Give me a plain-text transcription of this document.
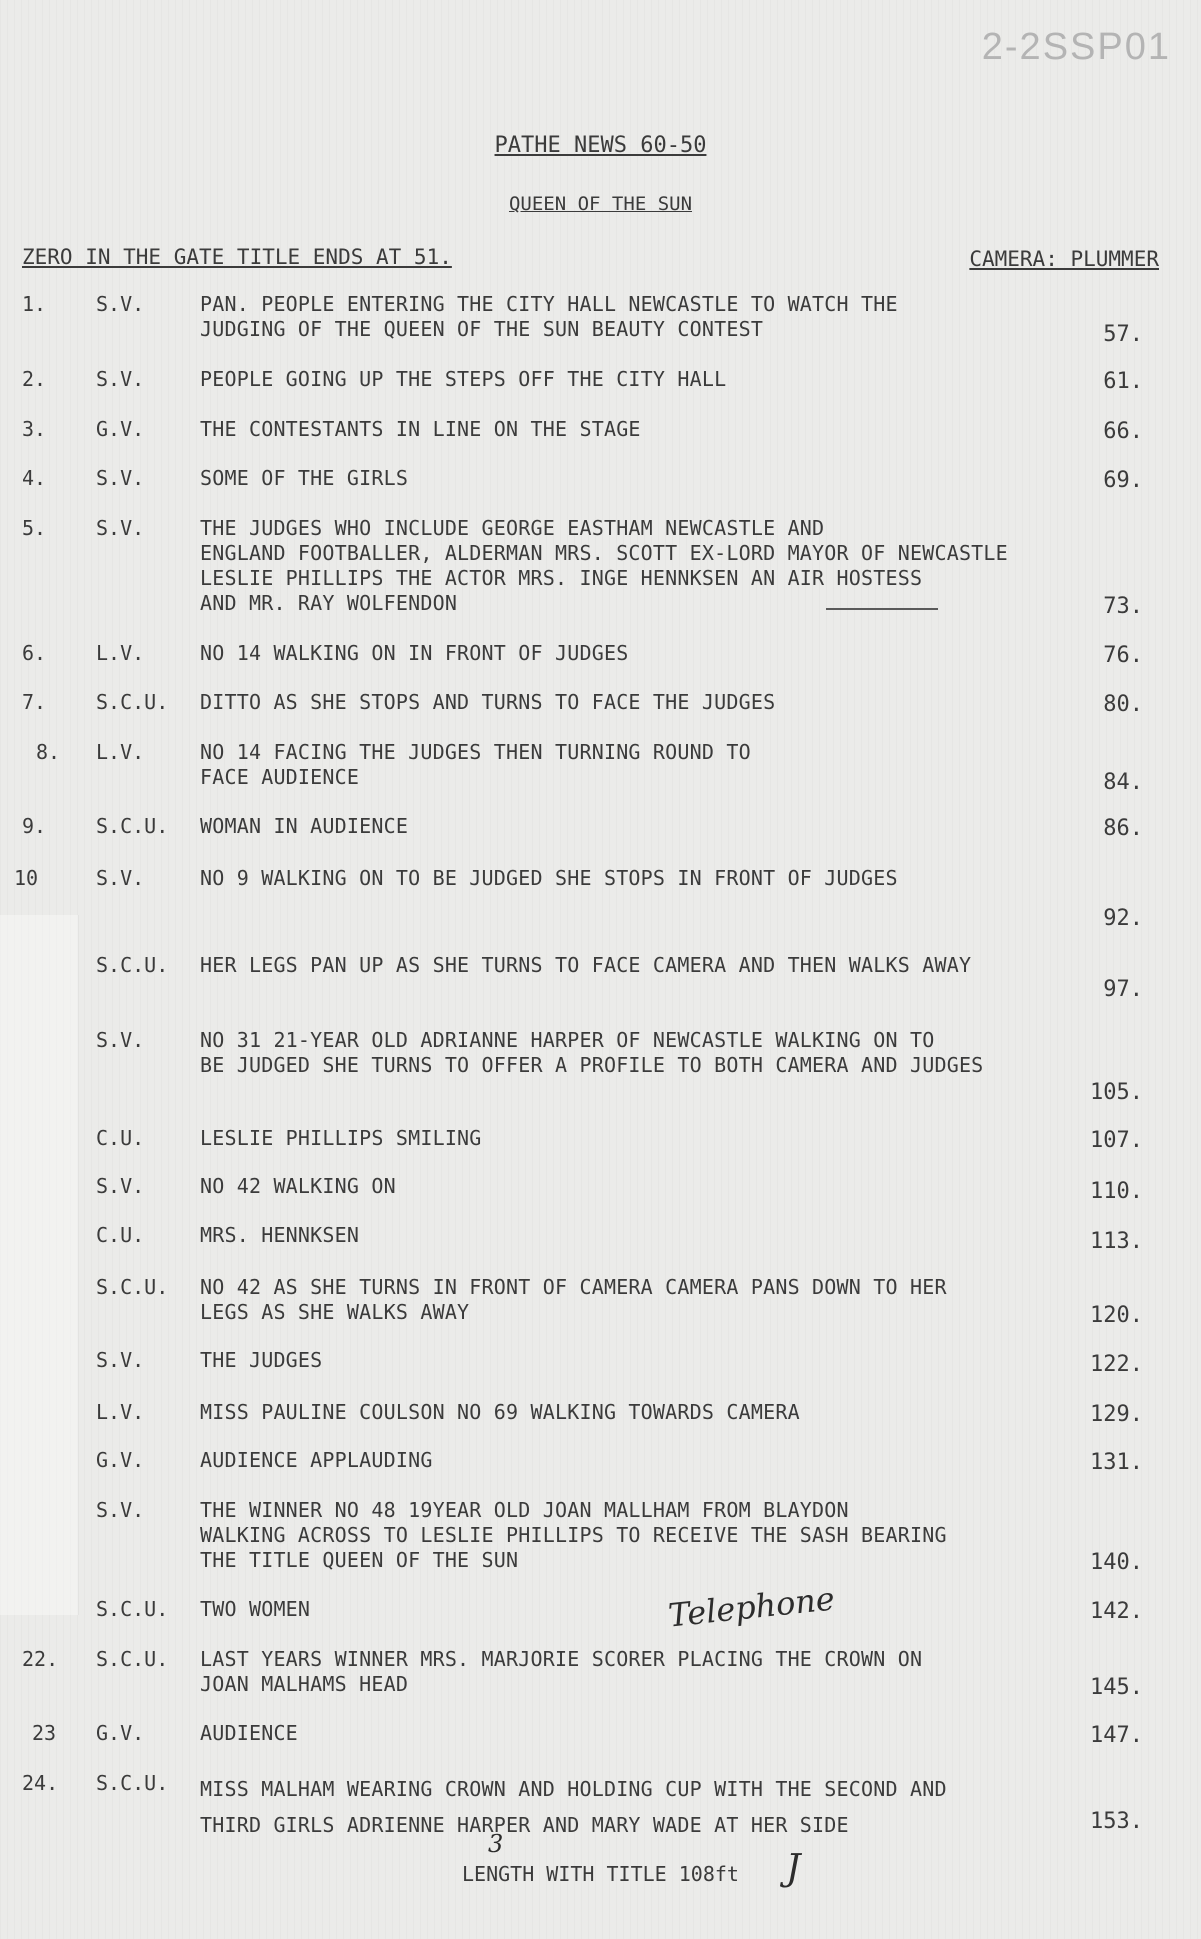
2-2SSP01
PATHE NEWS 60-50
QUEEN OF THE SUN
ZERO IN THE GATE TITLE ENDS AT 51.	CAMERA: PLUMMER
1.	S.V.	PAN. PEOPLE ENTERING THE CITY HALL NEWCASTLE TO WATCH THE
JUDGING OF THE QUEEN OF THE SUN BEAUTY CONTEST	57.
2.	S.V.	PEOPLE GOING UP THE STEPS OFF THE CITY HALL	61.
3.	G.V.	THE CONTESTANTS IN LINE ON THE STAGE	66.
4.	S.V.	SOME OF THE GIRLS	69.
5.	S.V.	THE JUDGES WHO INCLUDE GEORGE EASTHAM NEWCASTLE AND
ENGLAND FOOTBALLER, ALDERMAN MRS. SCOTT EX-LORD MAYOR OF NEWCASTLE
LESLIE PHILLIPS THE ACTOR MRS. INGE HENNKSEN AN AIR HOSTESS
AND MR. RAY WOLFENDON	73.
6.	L.V.	NO 14 WALKING ON IN FRONT OF JUDGES	76.
7.	S.C.U.	DITTO AS SHE STOPS AND TURNS TO FACE THE JUDGES	80.
8.	L.V.	NO 14 FACING THE JUDGES THEN TURNING ROUND TO
FACE AUDIENCE	84.
9.	S.C.U.	WOMAN IN AUDIENCE	86.
10	S.V.	NO 9 WALKING ON TO BE JUDGED SHE STOPS IN FRONT OF JUDGES
92.
S.C.U.	HER LEGS PAN UP AS SHE TURNS TO FACE CAMERA AND THEN WALKS AWAY
97.
S.V.	NO 31 21-YEAR OLD ADRIANNE HARPER OF NEWCASTLE WALKING ON TO
BE JUDGED SHE TURNS TO OFFER A PROFILE TO BOTH CAMERA AND JUDGES
105.
C.U.	LESLIE PHILLIPS SMILING	107.
S.V.	NO 42 WALKING ON	110.
C.U.	MRS. HENNKSEN	113.
S.C.U.	NO 42 AS SHE TURNS IN FRONT OF CAMERA CAMERA PANS DOWN TO HER
LEGS AS SHE WALKS AWAY	120.
S.V.	THE JUDGES	122.
L.V.	MISS PAULINE COULSON NO 69 WALKING TOWARDS CAMERA	129.
G.V.	AUDIENCE APPLAUDING	131.
S.V.	THE WINNER NO 48 19YEAR OLD JOAN MALLHAM FROM BLAYDON
WALKING ACROSS TO LESLIE PHILLIPS TO RECEIVE THE SASH BEARING
THE TITLE QUEEN OF THE SUN	140.
S.C.U.	TWO WOMEN	142.
22.	S.C.U.	LAST YEARS WINNER MRS. MARJORIE SCORER PLACING THE CROWN ON
JOAN MALHAMS HEAD	145.
23	G.V.	AUDIENCE	147.
24.	S.C.U.	MISS MALHAM WEARING CROWN AND HOLDING CUP WITH THE SECOND AND
THIRD GIRLS ADRIENNE HARPER AND MARY WADE AT HER SIDE	153.
Telephone
3
LENGTH WITH TITLE 108ft	J
